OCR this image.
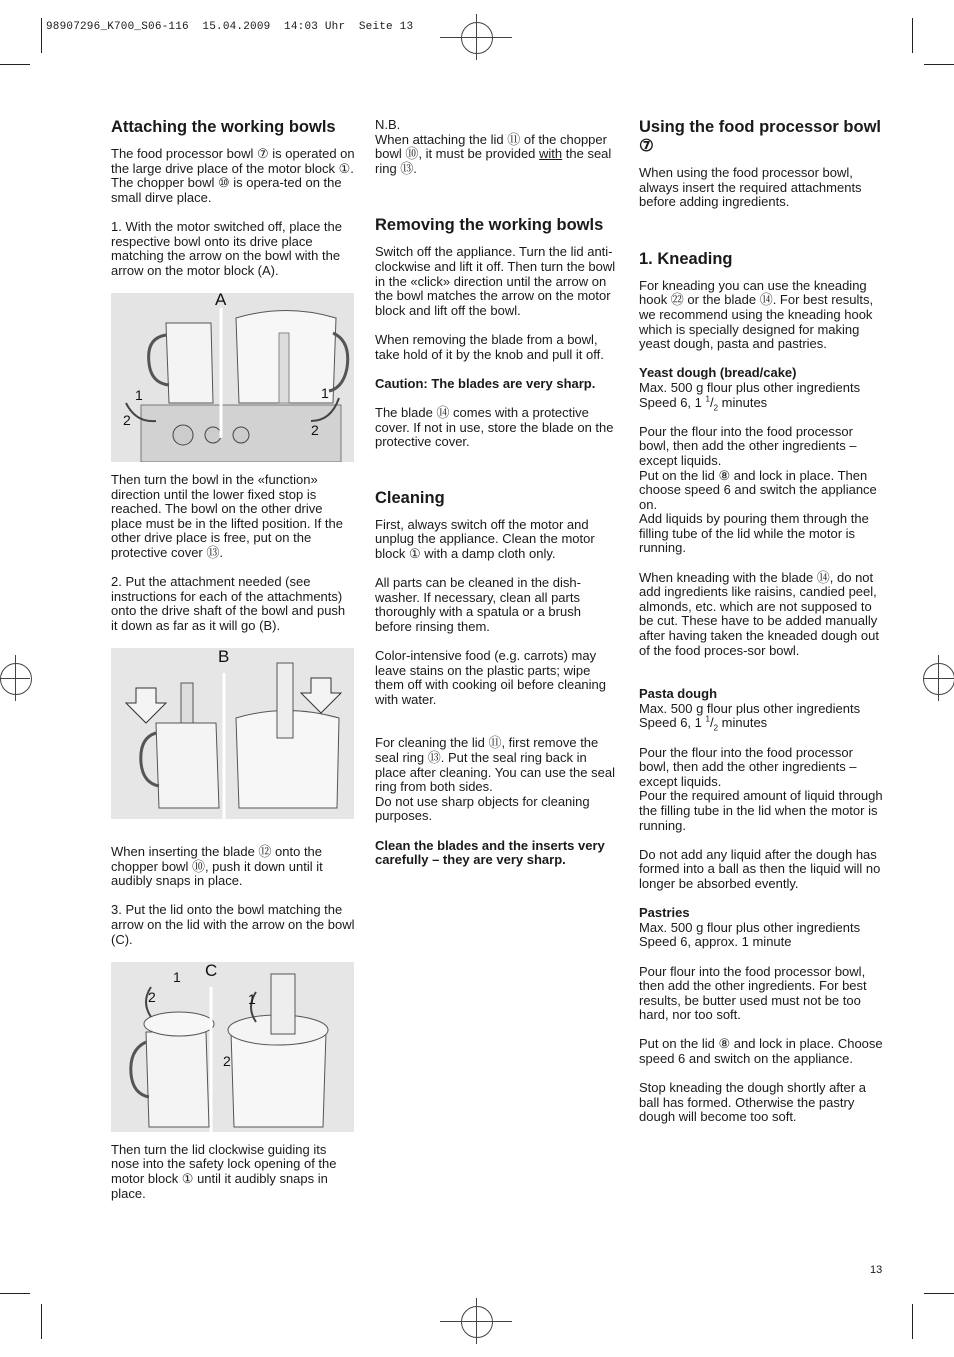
98907296_K700_S06-116  15.04.2009  14:03 Uhr  Seite 13
Attaching the working bowls

The food processor bowl ⑦ is operated on the large drive place of the motor block ①. The chopper bowl ⑩ is opera-ted on the small dirve place.

1. With the motor switched off, place the respective bowl onto its drive place matching the arrow on the bowl with the arrow on the motor block (A).

A
1
2
1
2

Then turn the bowl in the «function» direction until the lower fixed stop is reached. The bowl on the other drive place must be in the lifted position. If the other drive place is free, put on the protective cover ⑬.

2. Put the attachment needed (see instructions for each of the attachments) onto the drive shaft of the bowl and push it down as far as it will go (B).

B

When inserting the blade ⑫ onto the chopper bowl ⑩, push it down until it audibly snaps in place.

3. Put the lid onto the bowl matching the arrow on the lid with the arrow on the bowl (C).

C
1
2	1
2

Then turn the lid clockwise guiding its nose into the safety lock opening of the motor block ① until it audibly snaps in place.

N.B.

When attaching the lid ⑪ of the chopper bowl ⑩, it must be provided with the seal ring ⑬.

Removing the working bowls

Switch off the appliance. Turn the lid anti-clockwise and lift it off. Then turn the bowl in the «click» direction until the arrow on the bowl matches the arrow on the motor block and lift off the bowl.

When removing the blade from a bowl, take hold of it by the knob and pull it off.

Caution: The blades are very sharp.

The blade ⑭ comes with a protective cover. If not in use, store the blade on the protective cover.

Cleaning

First, always switch off the motor and unplug the appliance. Clean the motor block ① with a damp cloth only.

All parts can be cleaned in the dish-washer. If necessary, clean all parts thoroughly with a spatula or a brush before rinsing them.

Color-intensive food (e.g. carrots) may leave stains on the plastic parts; wipe them off with cooking oil before cleaning with water.

For cleaning the lid ⑪, first remove the seal ring ⑬. Put the seal ring back in place after cleaning. You can use the seal ring from both sides.

Do not use sharp objects for cleaning purposes.

Clean the blades and the inserts very carefully – they are very sharp.

Using the food processor bowl ⑦

When using the food processor bowl, always insert the required attachments before adding ingredients.

1. Kneading

For kneading you can use the kneading hook ㉒ or the blade ⑭. For best results, we recommend using the kneading hook which is specially designed for making yeast dough, pasta and pastries.

Yeast dough (bread/cake)
Max. 500 g flour plus other ingredients

Speed 6, 1 $^1/_2$ minutes

Pour the flour into the food processor bowl, then add the other ingredients – except liquids.
Put on the lid ⑧ and lock in place. Then choose speed 6 and switch the appliance on.

Add liquids by pouring them through the filling tube of the lid while the motor is running.

When kneading with the blade ⑭, do not add ingredients like raisins, candied peel, almonds, etc. which are not supposed to be cut. These have to be added manually after having taken the kneaded dough out of the food proces-sor bowl.

Pasta dough
Max. 500 g flour plus other ingredients

Speed 6, 1 $^1/_2$ minutes

Pour the flour into the food processor bowl, then add the other ingredients – except liquids.

Pour the required amount of liquid through the filling tube in the lid when the motor is running.

Do not add any liquid after the dough has formed into a ball as then the liquid will no longer be absorbed evently.

Pastries
Max. 500 g flour plus other ingredients

Speed 6, approx. 1 minute

Pour flour into the food processor bowl, then add the other ingredients. For best results, be butter used must not be too hard, nor too soft.

Put on the lid ⑧ and lock in place. Choose speed 6 and switch on the appliance.

Stop kneading the dough shortly after a ball has formed. Otherwise the pastry dough will become too soft.

13
